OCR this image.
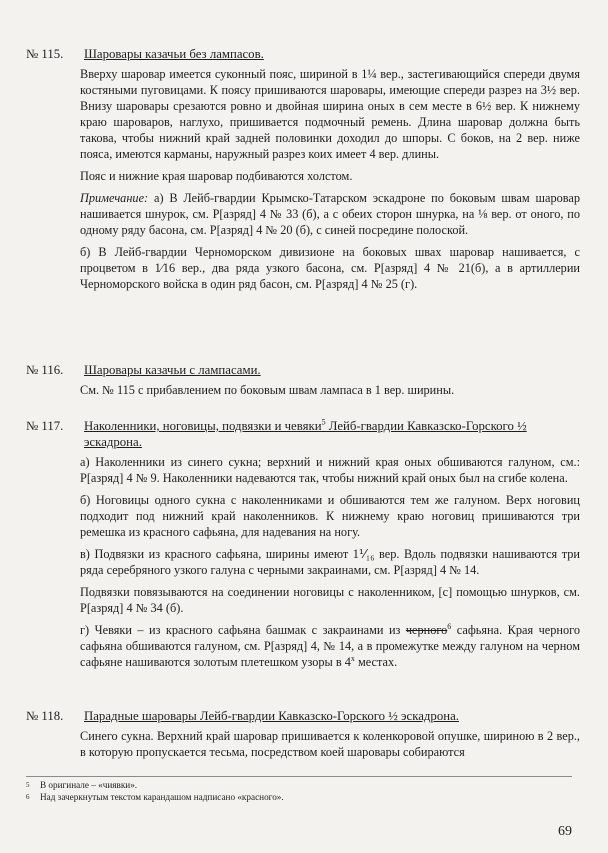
№ 115. Шаровары казачьи без лампасов.
Вверху шаровар имеется суконный пояс, шириной в 1¼ вер., застегивающийся спереди двумя костяными пуговицами. К поясу пришиваются шаровары, имеющие спереди разрез на 3½ вер. Внизу шаровары срезаются ровно и двойная ширина оных в сем месте в 6½ вер. К нижнему краю шароваров, наглухо, пришивается подмочный ремень. Длина шаровар должна быть такова, чтобы нижний край задней половинки доходил до шпоры. С боков, на 2 вер. ниже пояса, имеются карманы, наружный разрез коих имеет 4 вер. длины.
Пояс и нижние края шаровар подбиваются холстом.
Примечание: а) В Лейб-гвардии Крымско-Татарском эскадроне по боковым швам шаровар нашивается шнурок, см. Р[азряд] 4 № 33 (б), а с обеих сторон шнурка, на ⅛ вер. от оного, по одному ряду басона, см. Р[азряд] 4 № 20 (б), с синей посредине полоской.
б) В Лейб-гвардии Черноморском дивизионе на боковых швах шаровар нашивается, с процветом в 1⁄16 вер., два ряда узкого басона, см. Р[азряд] 4 № 21(б), а в артиллерии Черноморского войска в один ряд басон, см. Р[азряд] 4 № 25 (г).
№ 116. Шаровары казачьи с лампасами.
См. № 115 с прибавлением по боковым швам лампаса в 1 вер. ширины.
№ 117. Наколенники, ноговицы, подвязки и чевяки$^5$ Лейб-гвардии Кавказско-Горского ½ эскадрона.
а) Наколенники из синего сукна; верхний и нижний края оных обшиваются галуном, см.: Р[азряд] 4 № 9. Наколенники надеваются так, чтобы нижний край оных был на сгибе колена.
б) Ноговицы одного сукна с наколенниками и обшиваются тем же галуном. Верх ноговиц подходит под нижний край наколенников. К нижнему краю ноговиц пришиваются три ремешка из красного сафьяна, для надевания на ногу.
в) Подвязки из красного сафьяна, ширины имеют 1⅟₁₆ вер. Вдоль подвязки нашиваются три ряда серебряного узкого галуна с черными закраинами, см. Р[азряд] 4 № 14.
Подвязки повязываются на соединении ноговицы с наколенником, [с] помощью шнурков, см. Р[азряд] 4 № 34 (б).
г) Чевяки – из красного сафьяна башмак с закраинами из черного$^6$ сафьяна. Края черного сафьяна обшиваются галуном, см. Р[азряд] 4, № 14, а в промежутке между галуном на черном сафьяне нашиваются золотым плетешком узоры в $4^х$ местах.
№ 118. Парадные шаровары Лейб-гвардии Кавказско-Горского ½ эскадрона.
Синего сукна. Верхний край шаровар пришивается к коленкоровой опушке, шириною в 2 вер., в которую пропускается тесьма, посредством коей шаровары собираются
5 В оригинале – «чиявки».
6 Над зачеркнутым текстом карандашом надписано «красного».
69
